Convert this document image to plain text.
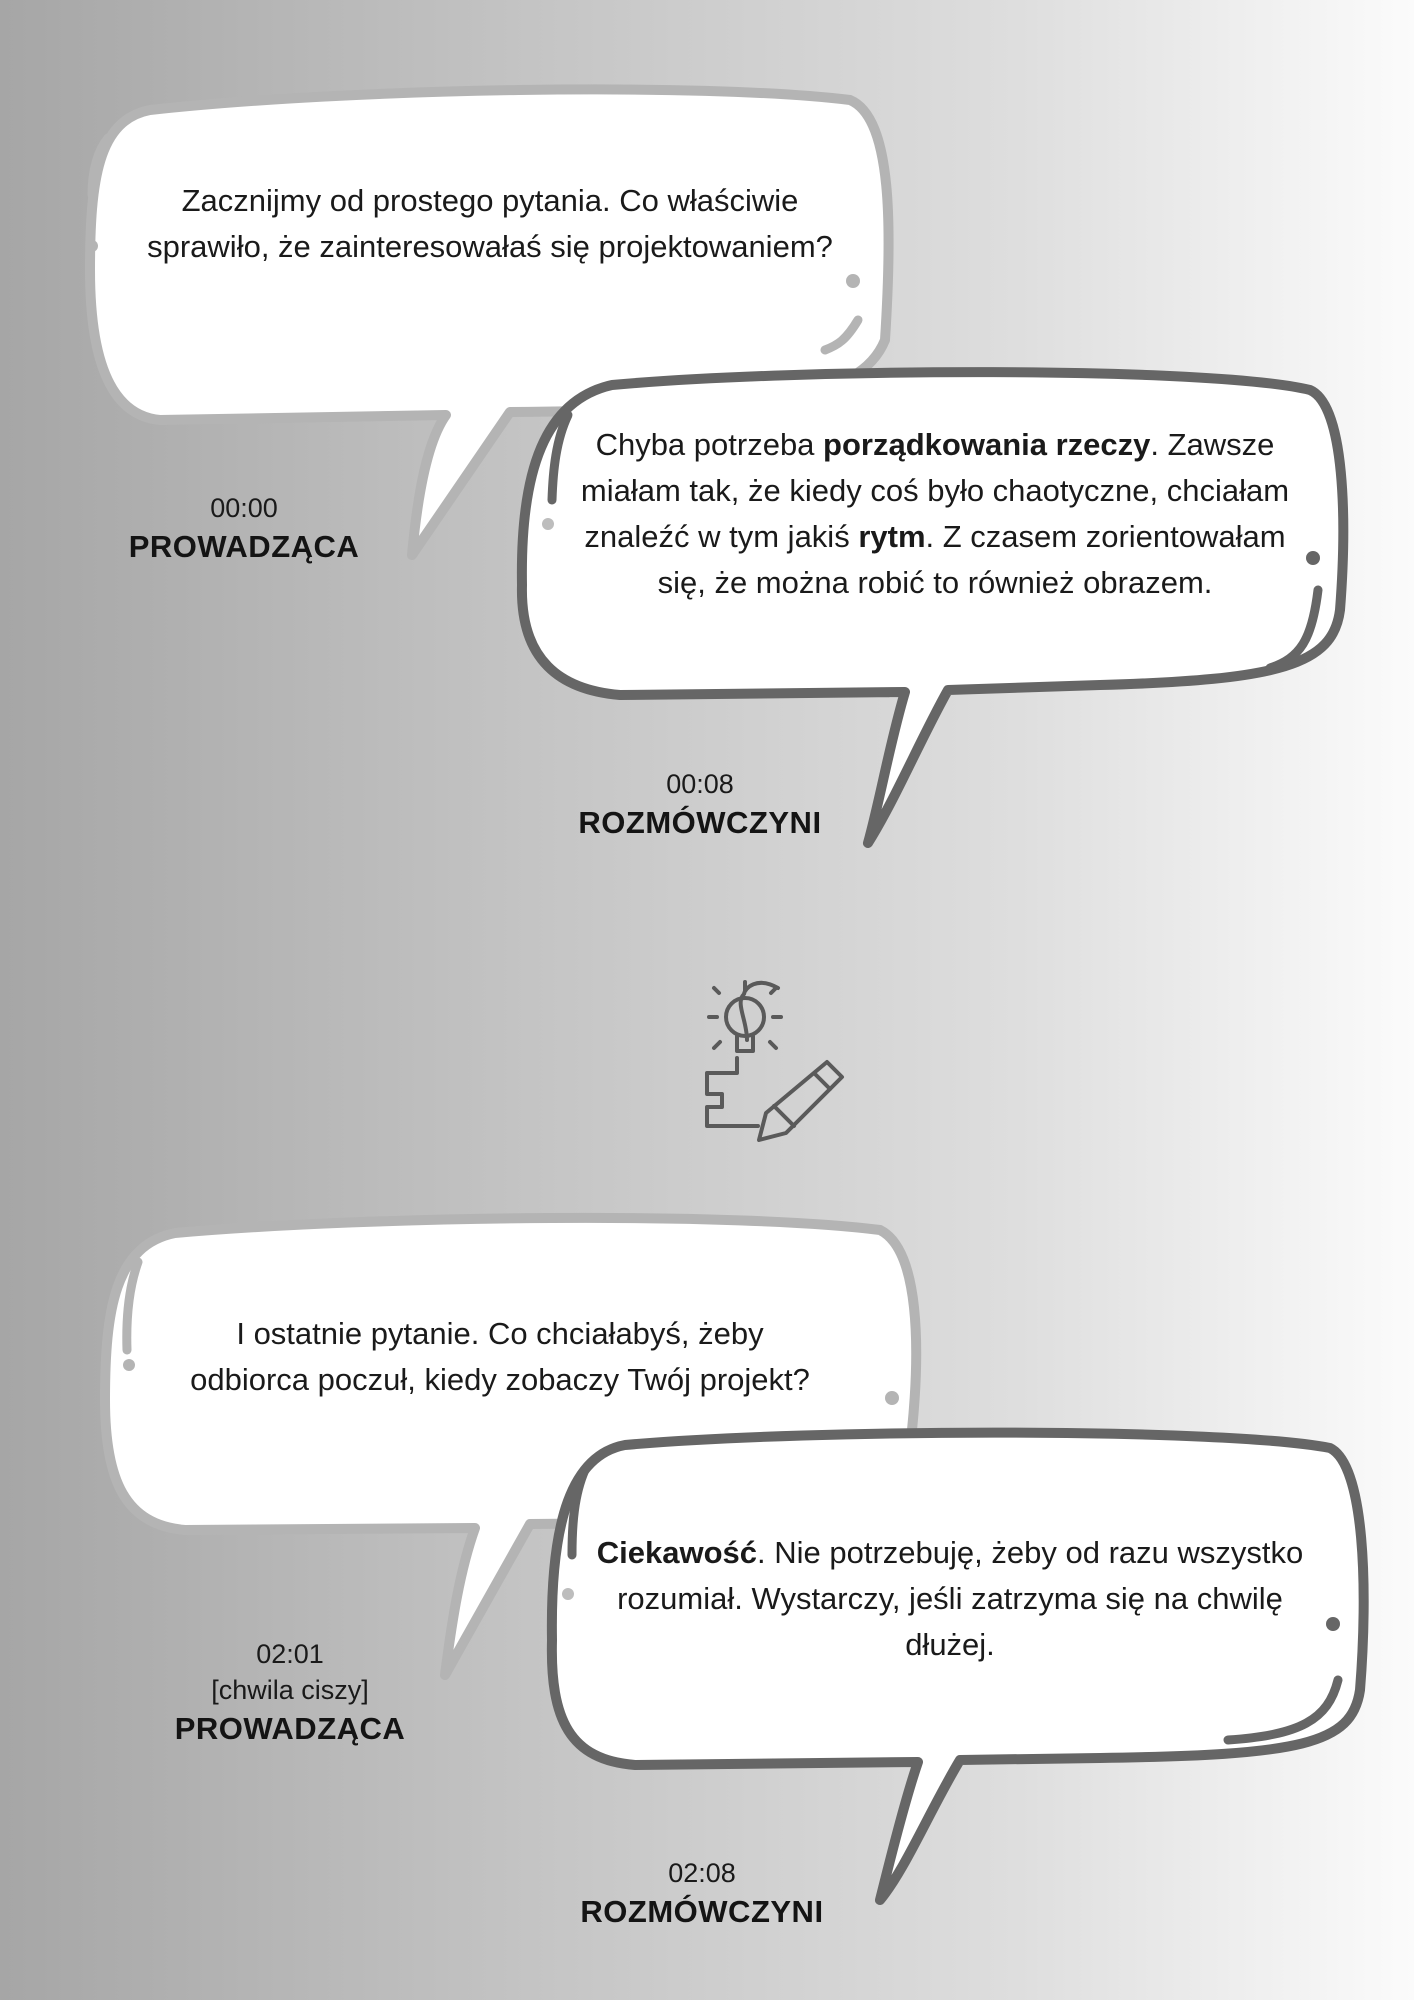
Zacznijmy od prostego pytania. Co właściwie sprawiło, że zainteresowałaś się projektowaniem?
Chyba potrzeba porządkowania rzeczy. Zawsze miałam tak, że kiedy coś było chaotyczne, chciałam znaleźć w tym jakiś rytm. Z czasem zorientowałam się, że można robić to również obrazem.
I ostatnie pytanie. Co chciałabyś, żeby odbiorca poczuł, kiedy zobaczy Twój projekt?
Ciekawość. Nie potrzebuję, żeby od razu wszystko rozumiał. Wystarczy, jeśli zatrzyma się na chwilę dłużej.
00:00
PROWADZĄCA
00:08
ROZMÓWCZYNI
02:01
[chwila ciszy]
PROWADZĄCA
02:08
ROZMÓWCZYNI
